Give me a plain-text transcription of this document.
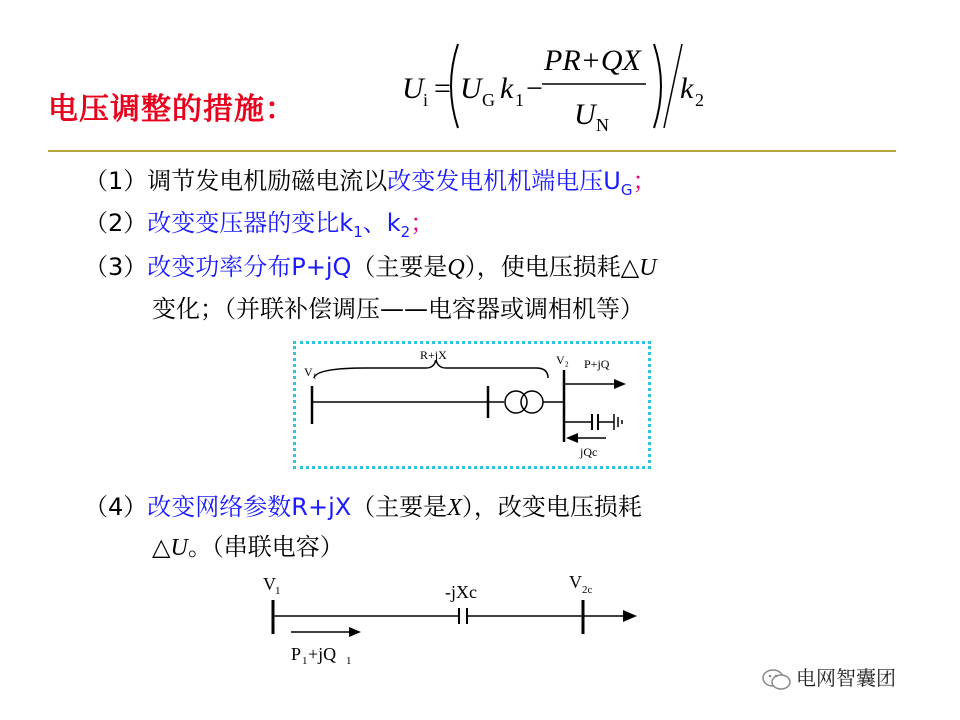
电压调整的措施：
U i = U G k 1 −
PR+QX
U N
k 2
（1）调节发电机励磁电流以改变发电机机端电压$U_G$；
（2）改变变压器的变比$k_1$、$k_2$；
（3）改变功率分布P+jQ（主要是Q），使电压损耗△U
变化；（并联补偿调压——电容器或调相机等）
V₁
R+jX	V₂ P+jQ
jQc
（4）改变网络参数R+jX（主要是X），改变电压损耗
△U。（串联电容）
V 1	-jXc	V 2c
P 1 +jQ 1
电网智囊团
